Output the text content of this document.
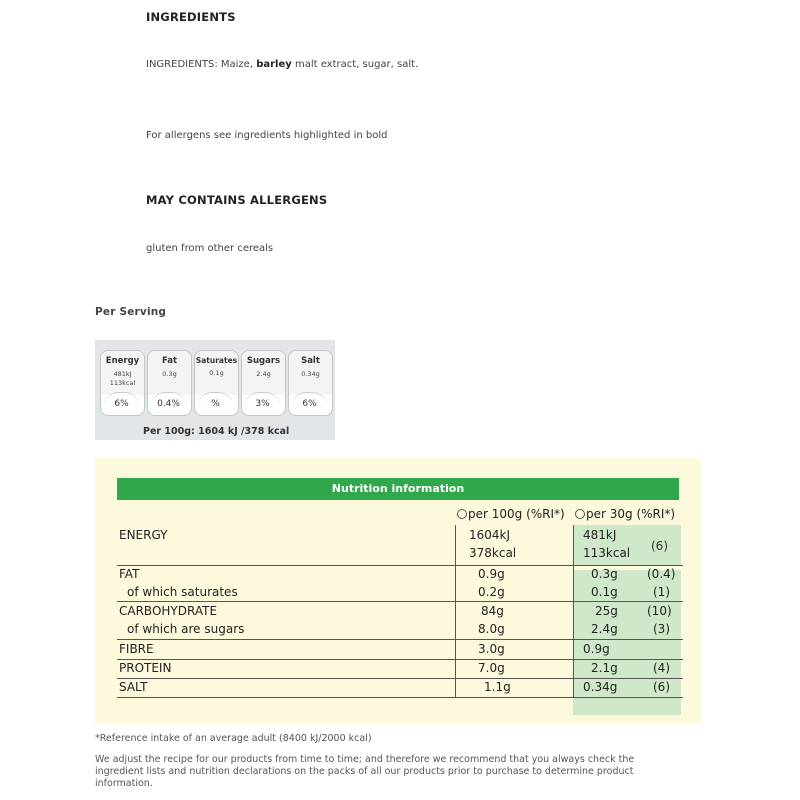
INGREDIENTS
INGREDIENTS: Maize, barley malt extract, sugar, salt.
For allergens see ingredients highlighted in bold
MAY CONTAINS ALLERGENS
gluten from other cereals
Per Serving
Energy
481kJ
113kcal
6%
Fat
0.3g
0.4%
Saturates
0.1g
%
Sugars
2.4g
3%
Salt
0.34g
6%
Per 100g: 1604 kJ /378 kcal
Nutrition information
per 100g (%RI*)	per 30g (%RI*)
ENERGY	1604kJ	481kJ
378kcal	113kcal (6)
FAT	0.9g	0.3g (0.4)
of which saturates	0.2g	0.1g	(1)
CARBOHYDRATE	84g	25g (10)
of which are sugars	8.0g	2.4g	(3)
FIBRE	3.0g	0.9g
PROTEIN	7.0g	2.1g	(4)
SALT	1.1g	0.34g	(6)
*Reference intake of an average adult (8400 kJ/2000 kcal)
We adjust the recipe for our products from time to time; and therefore we recommend that you always check the
ingredient lists and nutrition declarations on the packs of all our products prior to purchase to determine product
information.
